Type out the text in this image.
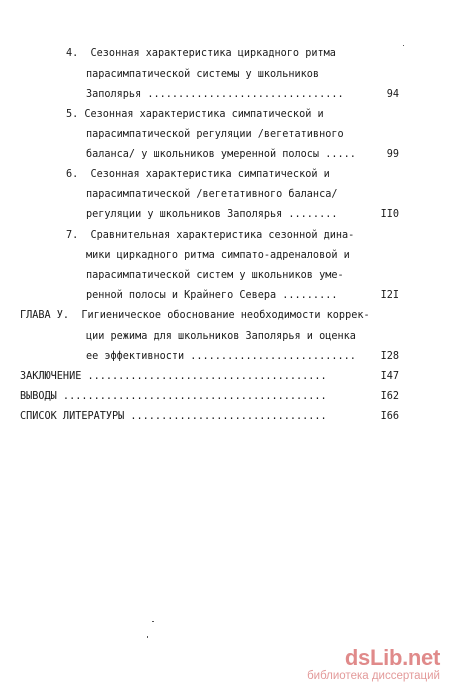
4.  Сезонная характеристика циркадного ритма
парасимпатической системы у школьников
Заполярья ................................	94
5. Сезонная характеристика симпатической и
парасимпатической регуляции /вегетативного
баланса/ у школьников умеренной полосы .....	99
6.  Сезонная характеристика симпатической и
парасимпатической /вегетативного баланса/
регуляции у школьников Заполярья ........	II0
7.  Сравнительная характеристика сезонной дина-
мики циркадного ритма симпато-адреналовой и
парасимпатической систем у школьников уме-
ренной полосы и Крайнего Севера .........	I2I
ГЛАВА У.  Гигиеническое обоснование необходимости коррек-
ции режима для школьников Заполярья и оценка
ее эффективности ........................... I28
ЗАКЛЮЧЕНИЕ .......................................	I47
ВЫВОДЫ ...........................................	I62
СПИСОК ЛИТЕРАТУРЫ ................................	I66
dsLib.net
библиотека диссертаций
